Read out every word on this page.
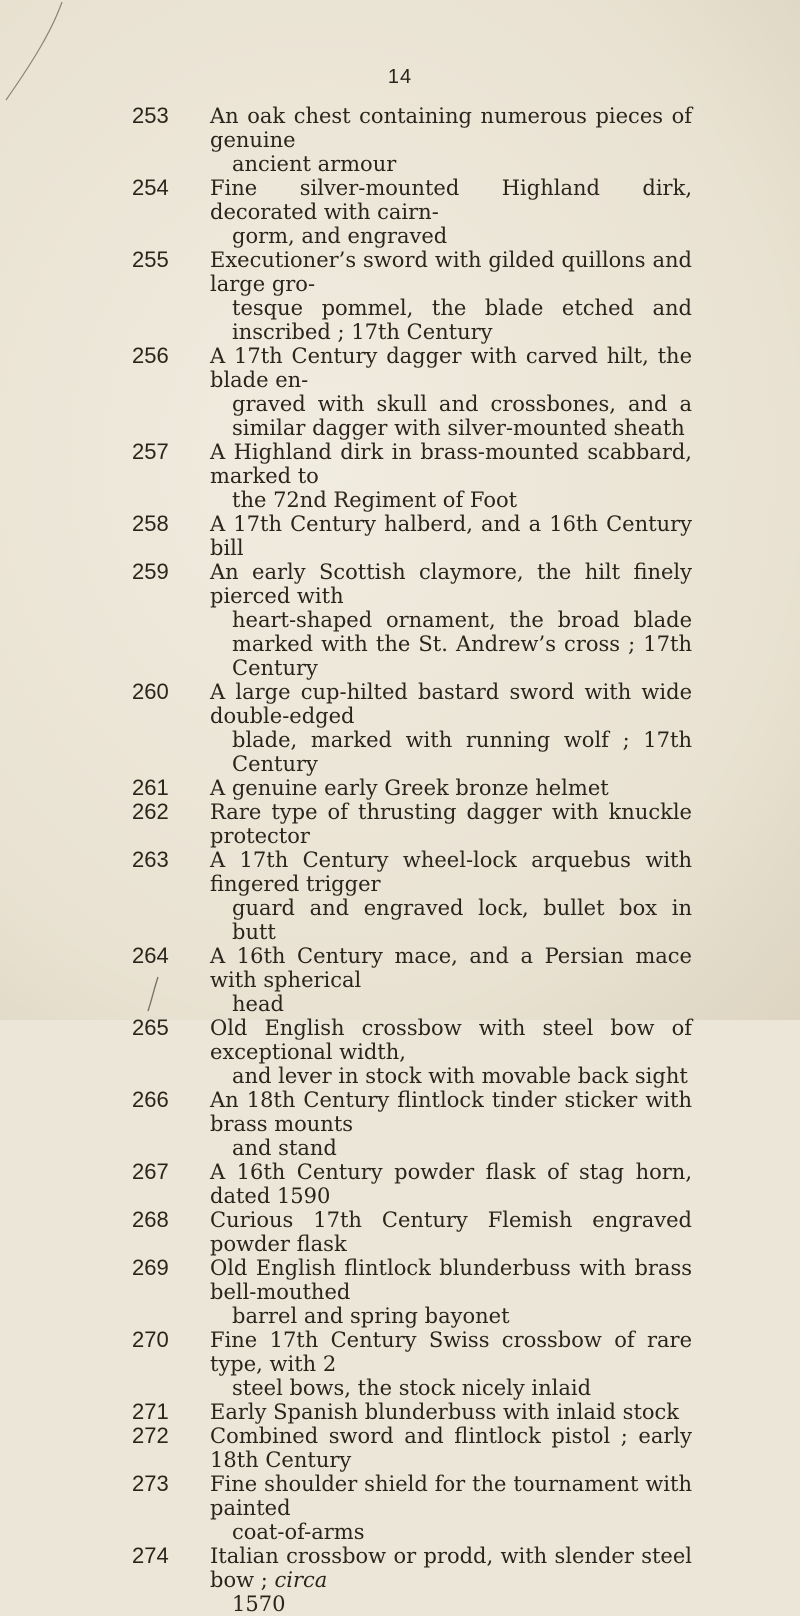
14
253	An oak chest containing numerous pieces of genuine
ancient armour
254	Fine silver-mounted Highland dirk, decorated with cairn-
gorm, and engraved
255	Executioner’s sword with gilded quillons and large gro-
tesque pommel, the blade etched and inscribed ; 17th Century
256	A 17th Century dagger with carved hilt, the blade en-
graved with skull and crossbones, and a similar dagger with silver-mounted sheath
257	A Highland dirk in brass-mounted scabbard, marked to
the 72nd Regiment of Foot
258	A 17th Century halberd, and a 16th Century bill
259	An early Scottish claymore, the hilt finely pierced with
heart-shaped ornament, the broad blade marked with the St. Andrew’s cross ; 17th Century
260	A large cup-hilted bastard sword with wide double-edged
blade, marked with running wolf ; 17th Century
261	A genuine early Greek bronze helmet
262	Rare type of thrusting dagger with knuckle protector
263	A 17th Century wheel-lock arquebus with fingered trigger
guard and engraved lock, bullet box in butt
264	A 16th Century mace, and a Persian mace with spherical
head
265	Old English crossbow with steel bow of exceptional width,
and lever in stock with movable back sight
266	An 18th Century flintlock tinder sticker with brass mounts
and stand
267	A 16th Century powder flask of stag horn, dated 1590
268	Curious 17th Century Flemish engraved powder flask
269	Old English flintlock blunderbuss with brass bell-mouthed
barrel and spring bayonet
270	Fine 17th Century Swiss crossbow of rare type, with 2
steel bows, the stock nicely inlaid
271	Early Spanish blunderbuss with inlaid stock
272	Combined sword and flintlock pistol ; early 18th Century
273	Fine shoulder shield for the tournament with painted
coat-of-arms
274	Italian crossbow or prodd, with slender steel bow ; circa
1570
